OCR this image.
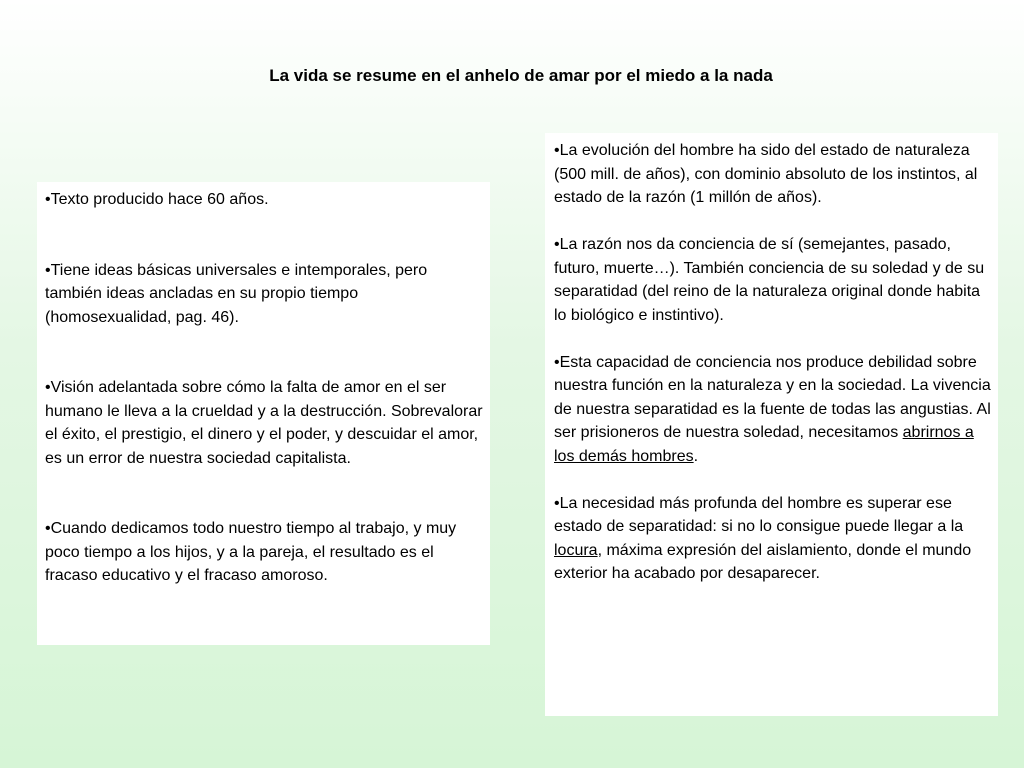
La vida se resume en el anhelo de amar por el miedo a la nada

•Texto producido hace 60 años.

•Tiene ideas básicas universales e intemporales, pero también ideas ancladas en su propio tiempo (homosexualidad, pag. 46).

•Visión adelantada sobre cómo la falta de amor en el ser humano le lleva a la crueldad y a la destrucción. Sobrevalorar el éxito, el prestigio, el dinero y el poder, y descuidar el amor, es un error de nuestra sociedad capitalista.

•Cuando dedicamos todo nuestro tiempo al trabajo, y muy poco tiempo a los hijos, y a la pareja, el resultado es el fracaso educativo y el fracaso amoroso.

•La evolución del hombre ha sido del estado de naturaleza (500 mill. de años), con dominio absoluto de los instintos, al estado de la razón (1 millón de años).

•La razón nos da conciencia de sí (semejantes, pasado, futuro, muerte…). También conciencia de su soledad y de su separatidad (del reino de la naturaleza original donde habita lo biológico e instintivo).

•Esta capacidad de conciencia nos produce debilidad sobre nuestra función en la naturaleza y en la sociedad. La vivencia de nuestra separatidad es la fuente de todas las angustias. Al ser prisioneros de nuestra soledad, necesitamos abrirnos a los demás hombres.

•La necesidad más profunda del hombre es superar ese estado de separatidad: si no lo consigue puede llegar a la locura, máxima expresión del aislamiento, donde el mundo exterior ha acabado por desaparecer.
